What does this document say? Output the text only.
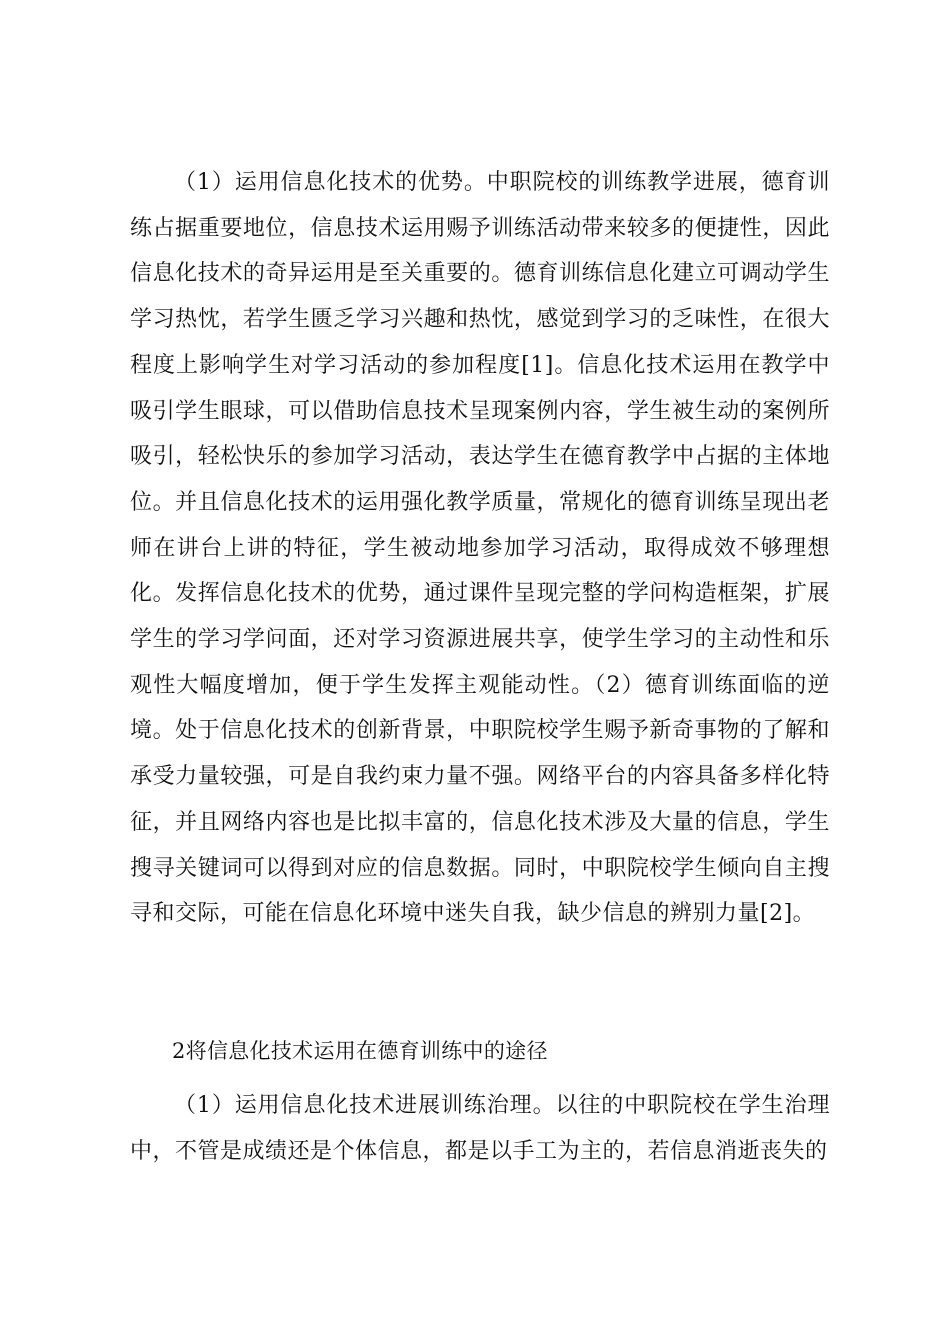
（1）运用信息化技术的优势。中职院校的训练教学进展，德育训练占据重要地位，信息技术运用赐予训练活动带来较多的便捷性，因此信息化技术的奇异运用是至关重要的。德育训练信息化建立可调动学生学习热忱，若学生匮乏学习兴趣和热忱，感觉到学习的乏味性，在很大程度上影响学生对学习活动的参加程度[1]。信息化技术运用在教学中吸引学生眼球，可以借助信息技术呈现案例内容，学生被生动的案例所吸引，轻松快乐的参加学习活动，表达学生在德育教学中占据的主体地位。并且信息化技术的运用强化教学质量，常规化的德育训练呈现出老师在讲台上讲的特征，学生被动地参加学习活动，取得成效不够理想化。发挥信息化技术的优势，通过课件呈现完整的学问构造框架，扩展学生的学习学问面，还对学习资源进展共享，使学生学习的主动性和乐观性大幅度增加，便于学生发挥主观能动性。（2）德育训练面临的逆境。处于信息化技术的创新背景，中职院校学生赐予新奇事物的了解和承受力量较强，可是自我约束力量不强。网络平台的内容具备多样化特征，并且网络内容也是比拟丰富的，信息化技术涉及大量的信息，学生搜寻关键词可以得到对应的信息数据。同时，中职院校学生倾向自主搜寻和交际，可能在信息化环境中迷失自我，缺少信息的辨别力量[2]。

2将信息化技术运用在德育训练中的途径

（1）运用信息化技术进展训练治理。以往的中职院校在学生治理中，不管是成绩还是个体信息，都是以手工为主的，若信息消逝丧失的
